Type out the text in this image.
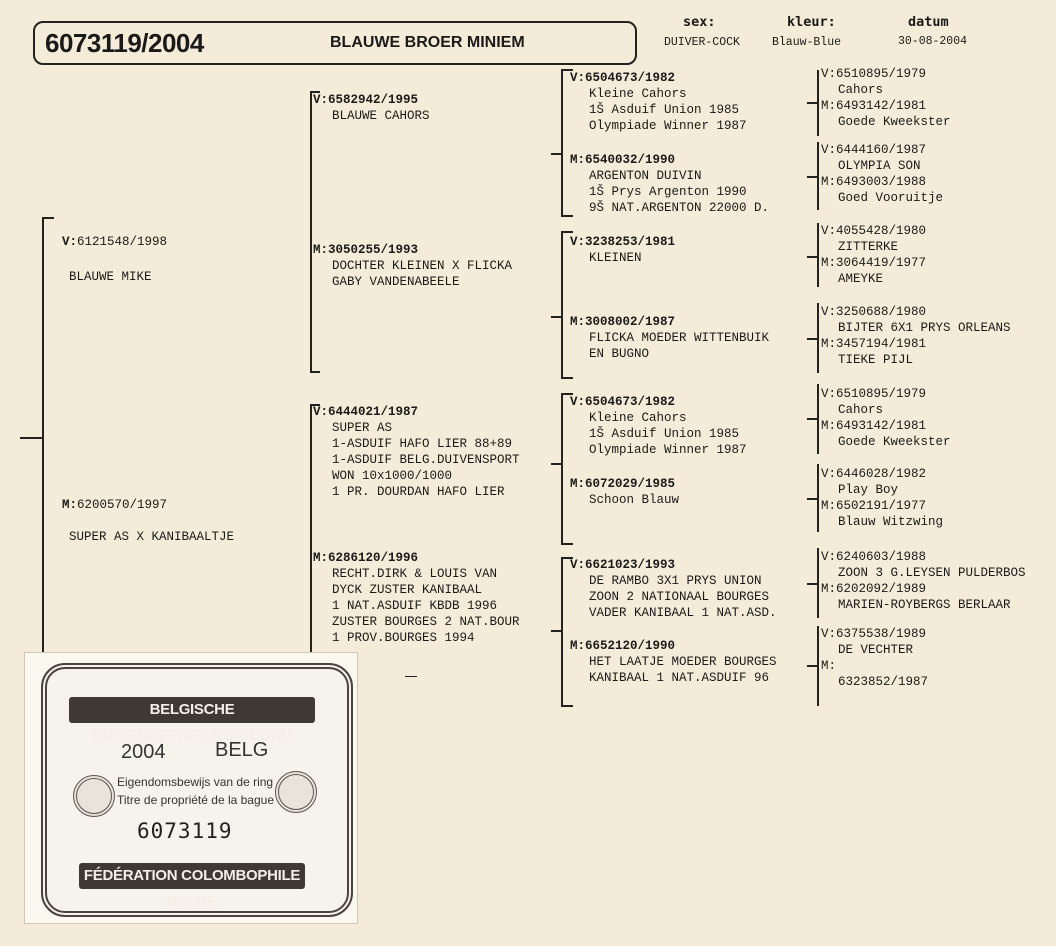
6073119/2004	BLAUWE BROER MINIEM
sex:
DUIVER-COCK
kleur:
Blauw-Blue
datum
30-08-2004

V:6121548/1998

BLAUWE MIKE

M:6200570/1997

SUPER AS X KANIBAALTJE

V:6582942/1995
BLAUWE CAHORS
M:3050255/1993
DOCHTER KLEINEN X FLICKA
GABY VANDENABEELE
V:6444021/1987
SUPER AS
1-ASDUIF HAFO LIER 88+89
1-ASDUIF BELG.DUIVENSPORT
WON 10x1000/1000
1 PR. DOURDAN HAFO LIER
M:6286120/1996
RECHT.DIRK & LOUIS VAN
DYCK ZUSTER KANIBAAL
1 NAT.ASDUIF KBDB 1996
ZUSTER BOURGES 2 NAT.BOUR
1 PROV.BOURGES 1994
V:6504673/1982
Kleine Cahors
1Š Asduif Union 1985
Olympiade Winner 1987
M:6540032/1990
ARGENTON DUIVIN
1Š Prys Argenton 1990
9Š NAT.ARGENTON 22000 D.
V:3238253/1981
KLEINEN
M:3008002/1987
FLICKA MOEDER WITTENBUIK
EN BUGNO
V:6504673/1982
Kleine Cahors
1Š Asduif Union 1985
Olympiade Winner 1987
M:6072029/1985
Schoon Blauw
V:6621023/1993
DE RAMBO 3X1 PRYS UNION
ZOON 2 NATIONAAL BOURGES
VADER KANIBAAL 1 NAT.ASD.
M:6652120/1990
HET LAATJE MOEDER BOURGES
KANIBAAL 1 NAT.ASDUIF 96
V:6510895/1979
Cahors
M:6493142/1981
Goede Kweekster
V:6444160/1987
OLYMPIA SON
M:6493003/1988
Goed Vooruitje
V:4055428/1980
ZITTERKE
M:3064419/1977
AMEYKE
V:3250688/1980
BIJTER 6X1 PRYS ORLEANS
M:3457194/1981
TIEKE PIJL
V:6510895/1979
Cahors
M:6493142/1981
Goede Kweekster
V:6446028/1982
Play Boy
M:6502191/1977
Blauw Witzwing
V:6240603/1988
ZOON 3 G.LEYSEN PULDERBOS
M:6202092/1989
MARIEN-ROYBERGS BERLAAR
V:6375538/1989
DE VECHTER
M:
6323852/1987
BELGISCHE DUIVENLIEFHEBBERSBOND
2004 BELG
Eigendomsbewijs van de ring
Titre de propriété de la bague
6073119
FÉDÉRATION COLOMBOPHILE BELGE
